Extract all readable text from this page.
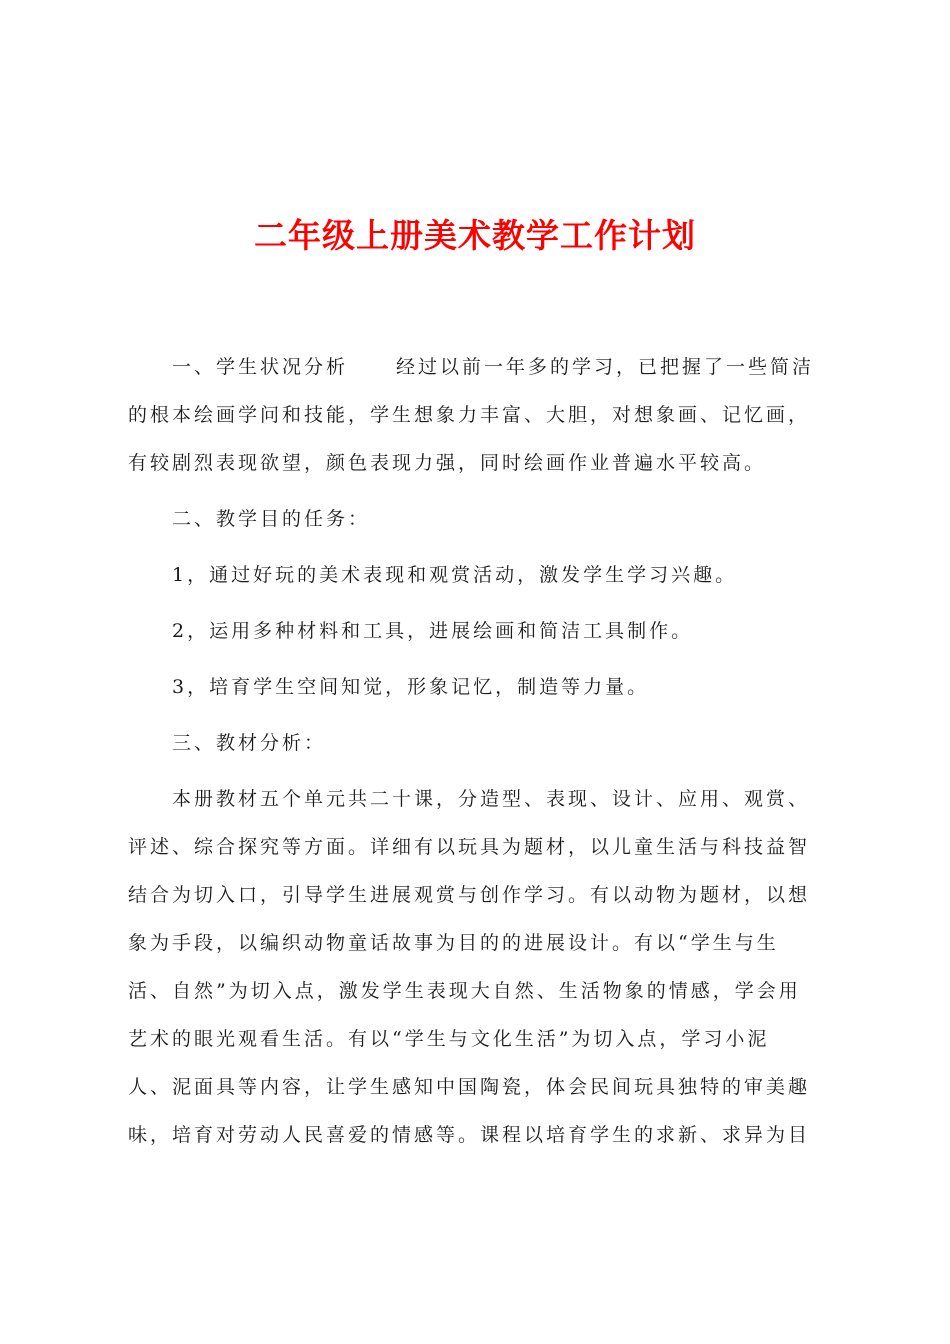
二年级上册美术教学工作计划
一、学生状况分析	经过以前一年多的学习，已把握了一些简洁
的根本绘画学问和技能，学生想象力丰富、大胆，对想象画、记忆画，
有较剧烈表现欲望，颜色表现力强，同时绘画作业普遍水平较高。
二、教学目的任务：
1，通过好玩的美术表现和观赏活动，激发学生学习兴趣。
2，运用多种材料和工具，进展绘画和简洁工具制作。
3，培育学生空间知觉，形象记忆，制造等力量。
三、教材分析：
本册教材五个单元共二十课，分造型、表现、设计、应用、观赏、
评述、综合探究等方面。详细有以玩具为题材，以儿童生活与科技益智
结合为切入口，引导学生进展观赏与创作学习。有以动物为题材，以想
象为手段，以编织动物童话故事为目的的进展设计。有以“学生与生
活、自然”为切入点，激发学生表现大自然、生活物象的情感，学会用
艺术的眼光观看生活。有以“学生与文化生活”为切入点，学习小泥
人、泥面具等内容，让学生感知中国陶瓷，体会民间玩具独特的审美趣
味，培育对劳动人民喜爱的情感等。课程以培育学生的求新、求异为目
